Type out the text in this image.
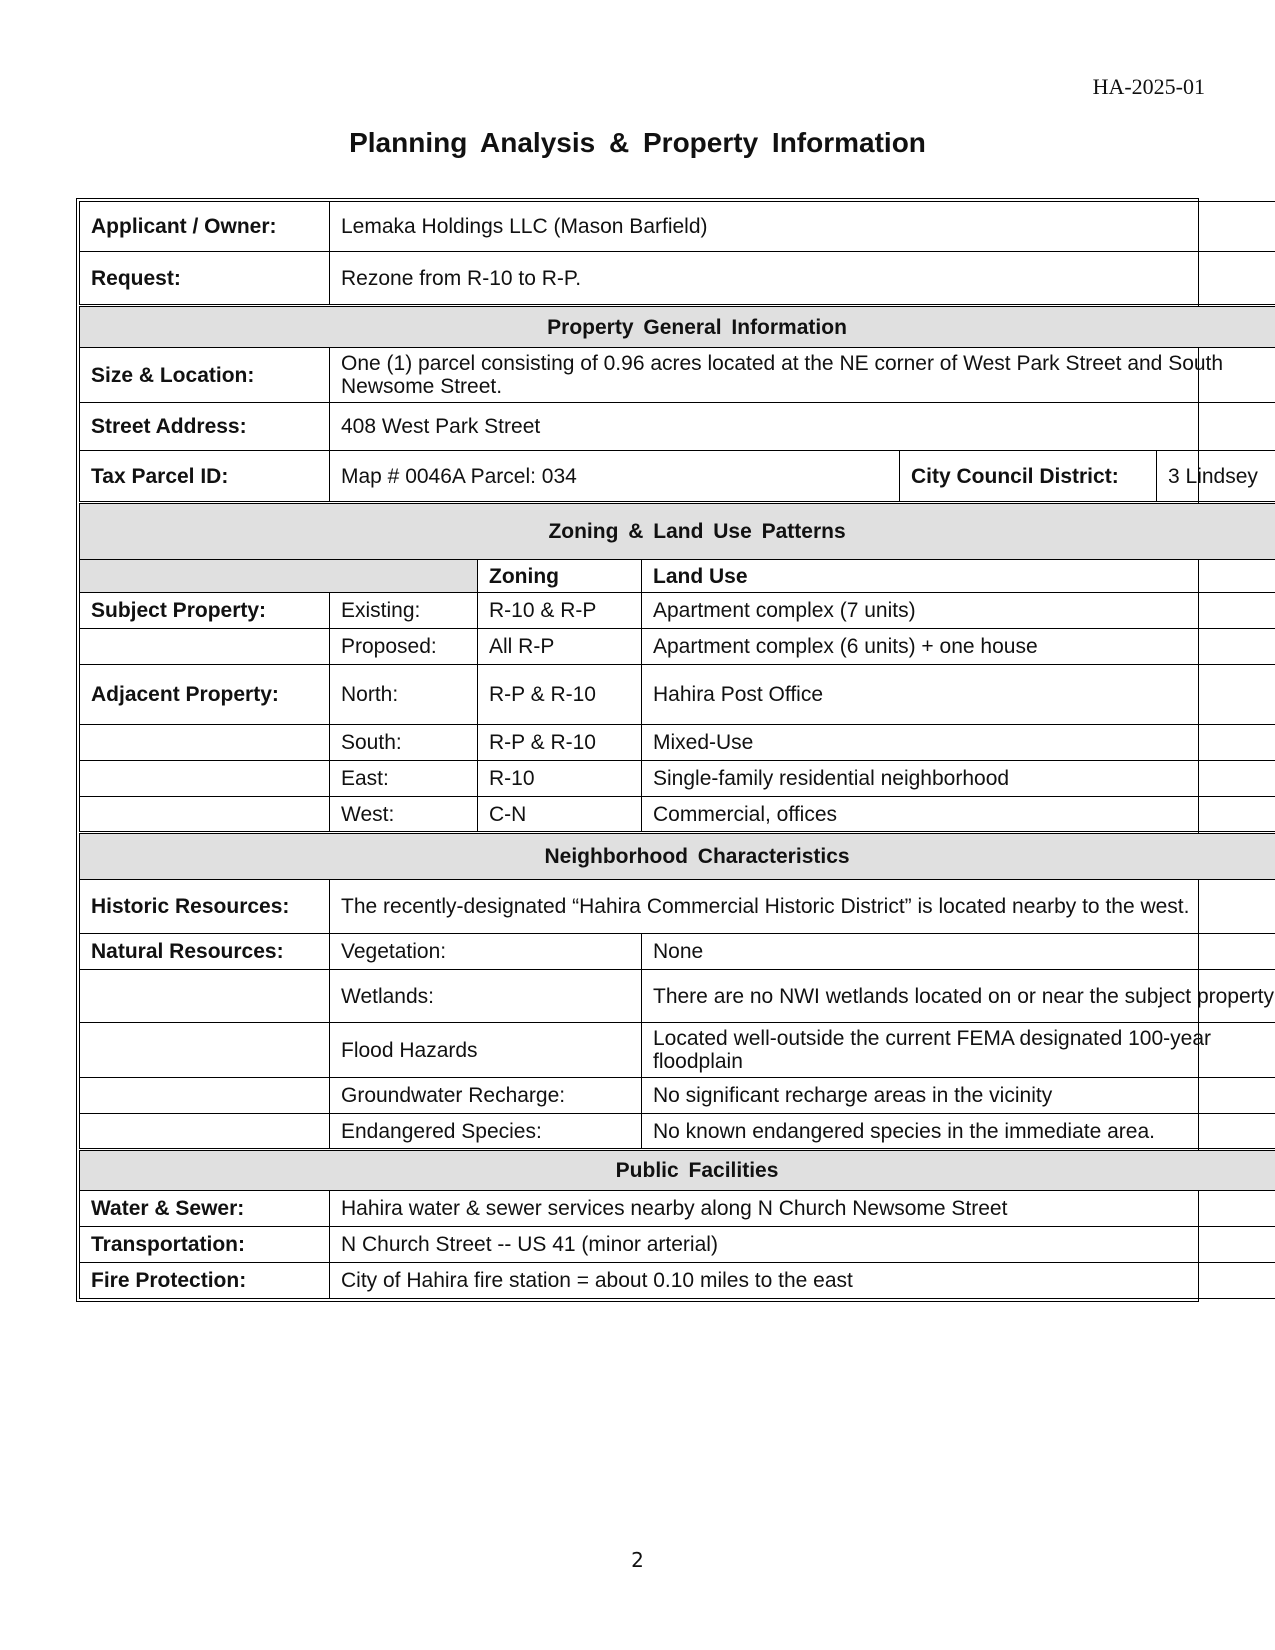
HA-2025-01
Planning Analysis & Property Information
Applicant / Owner:	Lemaka Holdings LLC (Mason Barfield)				
Request:	Rezone from R-10 to R-P.				
Property General Information					
Size & Location:	One (1) parcel consisting of 0.96 acres located at the NE corner of West Park Street and South Newsome Street.				
Street Address:	408 West Park Street				
Tax Parcel ID:	Map # 0046A Parcel: 034			City Council District:	3 Lindsey
Zoning & Land Use Patterns					
		Zoning	Land Use		
Subject Property:	Existing:	R-10 & R-P	Apartment complex (7 units)		
	Proposed:	All R-P	Apartment complex (6 units) + one house		
Adjacent Property:	North:	R-P & R-10	Hahira Post Office		
	South:	R-P & R-10	Mixed-Use		
	East:	R-10	Single-family residential neighborhood		
	West:	C-N	Commercial, offices		
Neighborhood Characteristics					
Historic Resources:	The recently-designated “Hahira Commercial Historic District” is located nearby to the west.				
Natural Resources:	Vegetation:		None		
	Wetlands:		There are no NWI wetlands located on or near the subject property		
	Flood Hazards		Located well-outside the current FEMA designated 100-year floodplain		
	Groundwater Recharge:		No significant recharge areas in the vicinity		
	Endangered Species:		No known endangered species in the immediate area.		
Public Facilities					
Water & Sewer:	Hahira water & sewer services nearby along N Church Newsome Street				
Transportation:	N Church Street -- US 41 (minor arterial)				
Fire Protection:	City of Hahira fire station = about 0.10 miles to the east				
2
